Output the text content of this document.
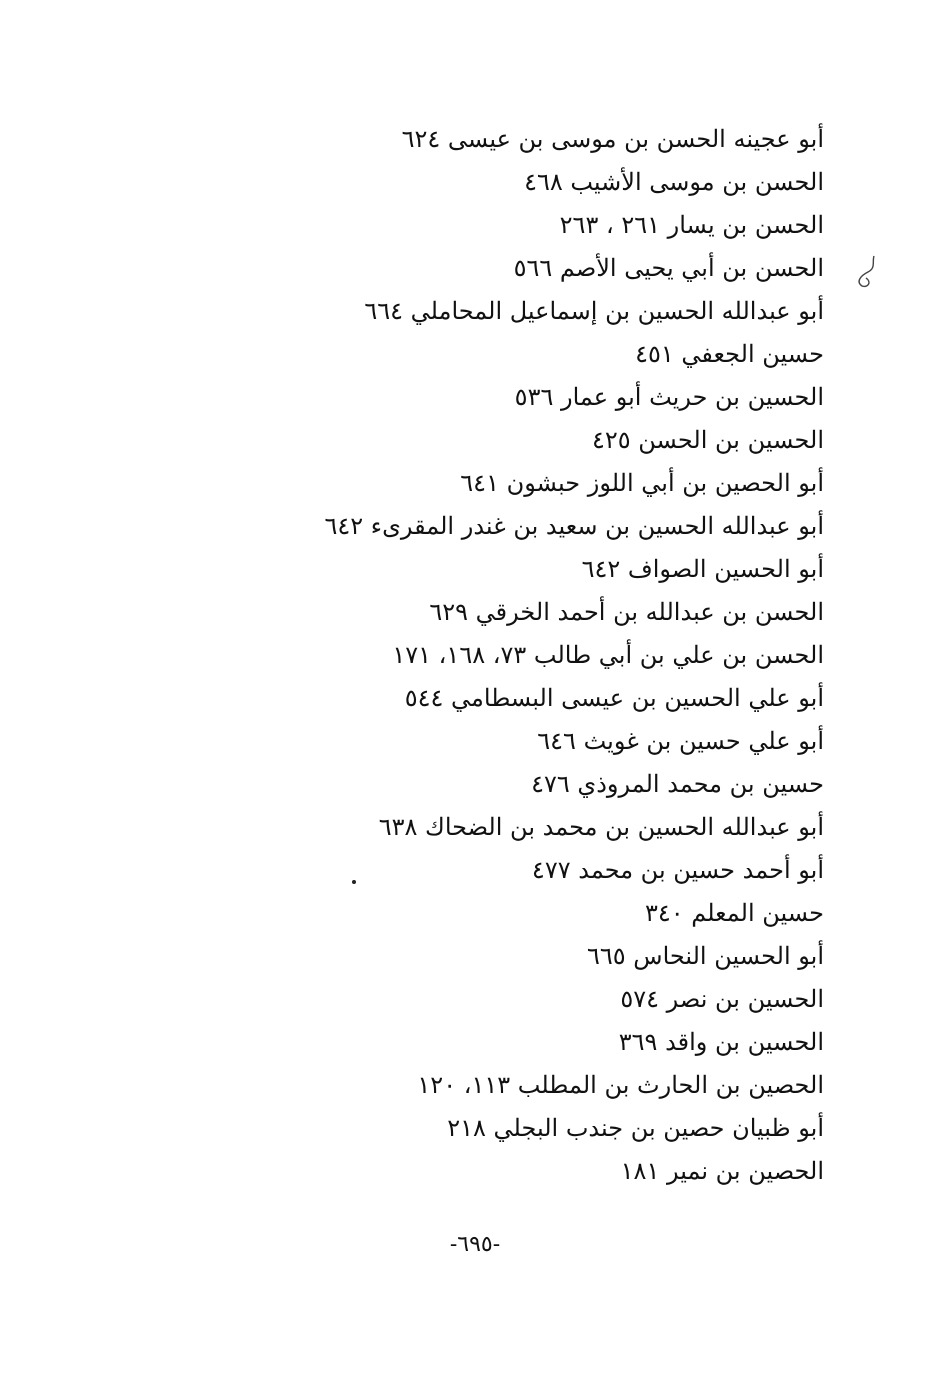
أبو عجينه الحسن بن موسى بن عيسى ٦٢٤
الحسن بن موسى الأشيب ٤٦٨
الحسن بن يسار ٢٦١ ، ٢٦٣
الحسن بن أبي يحيى الأصم ٥٦٦
أبو عبدالله الحسين بن إسماعيل المحاملي ٦٦٤
حسين الجعفي ٤٥١
الحسين بن حريث أبو عمار ٥٣٦
الحسين بن الحسن ٤٢٥
أبو الحصين بن أبي اللوز حبشون ٦٤١
أبو عبدالله الحسين بن سعيد بن غندر المقرىء ٦٤٢
أبو الحسين الصواف ٦٤٢
الحسن بن عبدالله بن أحمد الخرقي ٦٢٩
الحسن بن علي بن أبي طالب ٧٣، ١٦٨، ١٧١
أبو علي الحسين بن عيسى البسطامي ٥٤٤
أبو علي حسين بن غويث ٦٤٦
حسين بن محمد المروذي ٤٧٦
أبو عبدالله الحسين بن محمد بن الضحاك ٦٣٨
أبو أحمد حسين بن محمد ٤٧٧
حسين المعلم ٣٤٠
أبو الحسين النحاس ٦٦٥
الحسين بن نصر ٥٧٤
الحسين بن واقد ٣٦٩
الحصين بن الحارث بن المطلب ١١٣، ١٢٠
أبو ظبيان حصين بن جندب البجلي ٢١٨
الحصين بن نمير ١٨١
-٦٩٥-
